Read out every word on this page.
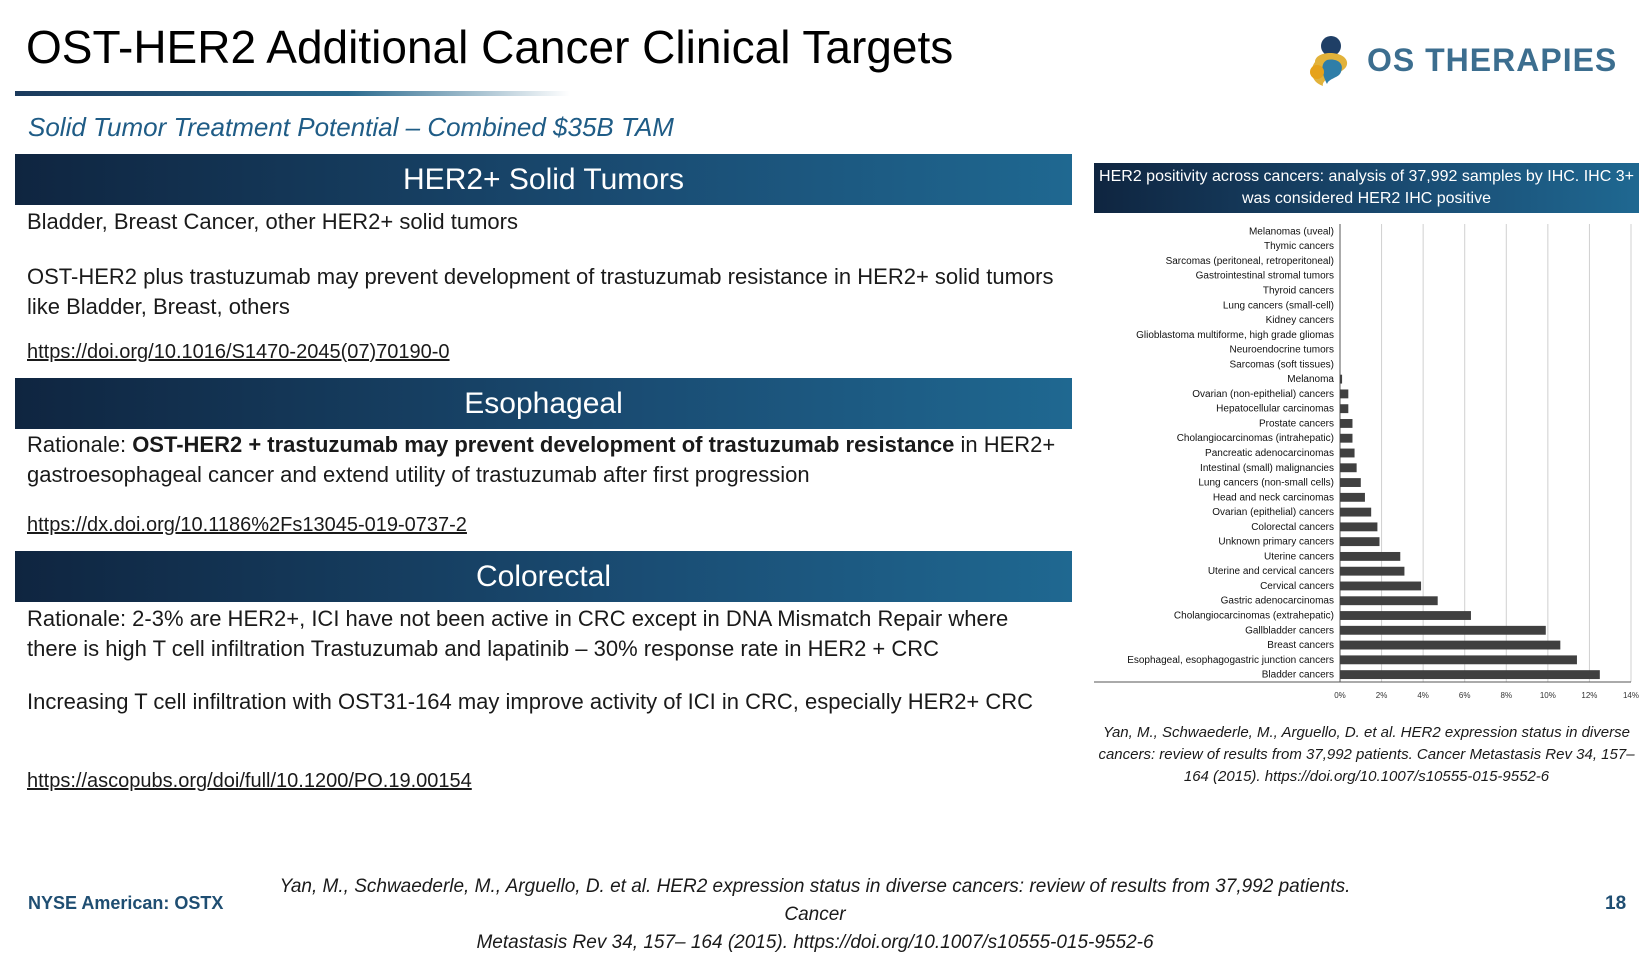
OST-HER2 Additional Cancer Clinical Targets	OS THERAPIES
Solid Tumor Treatment Potential – Combined $35B TAM
HER2+ Solid Tumors
Bladder, Breast Cancer, other HER2+ solid tumors
OST-HER2 plus trastuzumab may prevent development of trastuzumab resistance in HER2+ solid tumors like Bladder, Breast, others
https://doi.org/10.1016/S1470-2045(07)70190-0
Esophageal
Rationale: OST-HER2 + trastuzumab may prevent development of trastuzumab resistance in HER2+ gastroesophageal cancer and extend utility of trastuzumab after first progression
https://dx.doi.org/10.1186%2Fs13045-019-0737-2
Colorectal
Rationale: 2-3% are HER2+, ICI have not been active in CRC except in DNA Mismatch Repair where there is high T cell infiltration Trastuzumab and lapatinib – 30% response rate in HER2 + CRC
Increasing T cell infiltration with OST31-164 may improve activity of ICI in CRC, especially HER2+ CRC
https://ascopubs.org/doi/full/10.1200/PO.19.00154
HER2 positivity across cancers: analysis of 37,992 samples by IHC. IHC 3+ was considered HER2 IHC positive
0%	2%	4%	6%	8%	10%	12%	14%
Melanomas (uveal)
Thymic cancers
Sarcomas (peritoneal, retroperitoneal)
Gastrointestinal stromal tumors
Thyroid cancers
Lung cancers (small-cell)
Kidney cancers
Glioblastoma multiforme, high grade gliomas
Neuroendocrine tumors
Sarcomas (soft tissues)
Melanoma
Ovarian (non-epithelial) cancers
Hepatocellular carcinomas
Prostate cancers
Cholangiocarcinomas (intrahepatic)
Pancreatic adenocarcinomas
Intestinal (small) malignancies
Lung cancers (non-small cells)
Head and neck carcinomas
Ovarian (epithelial) cancers
Colorectal cancers
Unknown primary cancers
Uterine cancers
Uterine and cervical cancers
Cervical cancers
Gastric adenocarcinomas
Cholangiocarcinomas (extrahepatic)
Gallbladder cancers
Breast cancers
Esophageal, esophagogastric junction cancers
Bladder cancers
Yan, M., Schwaederle, M., Arguello, D. et al. HER2 expression status in diverse cancers: review of results from 37,992 patients. Cancer Metastasis Rev 34, 157– 164 (2015). https://doi.org/10.1007/s10555-015-9552-6
NYSE American: OSTX
Yan, M., Schwaederle, M., Arguello, D. et al. HER2 expression status in diverse cancers: review of results from 37,992 patients. Cancer
Metastasis Rev 34, 157– 164 (2015). https://doi.org/10.1007/s10555-015-9552-6
18
